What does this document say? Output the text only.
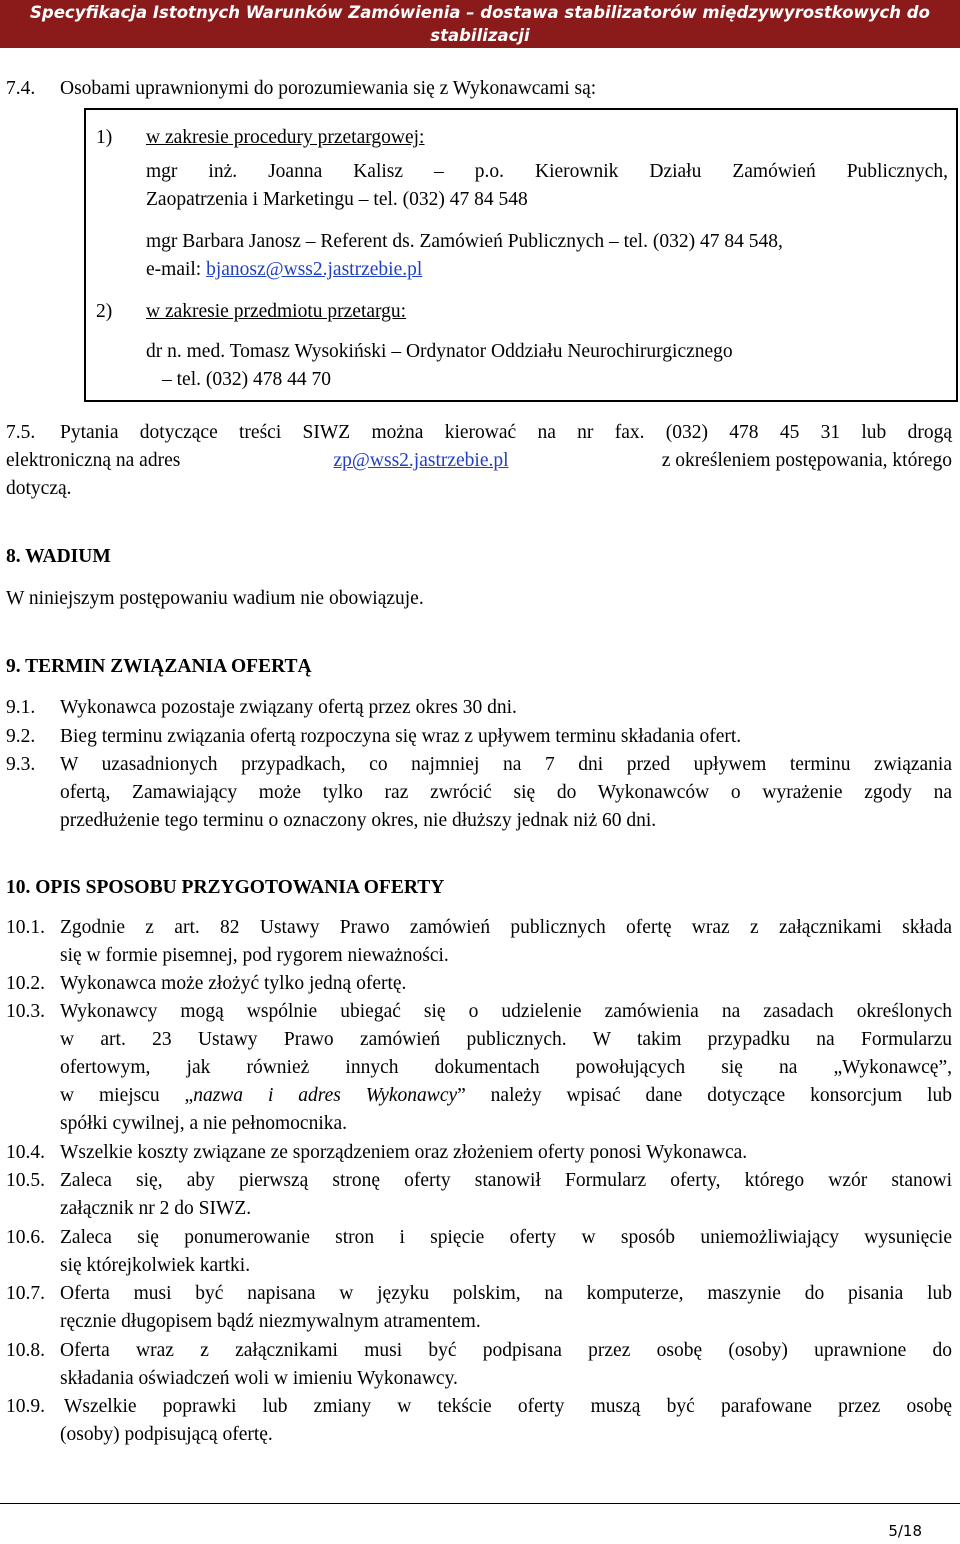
Specyfikacja Istotnych Warunków Zamówienia – dostawa stabilizatorów międzywyrostkowych do stabilizacji
wyrostków kolczystych odcinka lędźwiowego kręgosłupa – do 137.000 EURO
7.4. Osobami uprawnionymi do porozumiewania się z Wykonawcami są:
1) w zakresie procedury przetargowej:
mgr inż. Joanna Kalisz – p.o. Kierownik Działu Zamówień Publicznych,
Zaopatrzenia i Marketingu – tel. (032) 47 84 548
mgr Barbara Janosz – Referent ds. Zamówień Publicznych – tel. (032) 47 84 548,
e-mail: bjanosz@wss2.jastrzebie.pl
2) w zakresie przedmiotu przetargu:
dr n. med. Tomasz Wysokiński – Ordynator Oddziału Neurochirurgicznego
– tel. (032) 478 44 70
7.5. Pytania dotyczące treści SIWZ można kierować na nr fax. (032) 478 45 31 lub drogą
elektroniczną na adres	zp@wss2.jastrzebie.pl	z określeniem postępowania, którego
dotyczą.
8. WADIUM
W niniejszym postępowaniu wadium nie obowiązuje.
9. TERMIN ZWIĄZANIA OFERTĄ
9.1. Wykonawca pozostaje związany ofertą przez okres 30 dni.
9.2. Bieg terminu związania ofertą rozpoczyna się wraz z upływem terminu składania ofert.
9.3. W uzasadnionych przypadkach, co najmniej na 7 dni przed upływem terminu związania
ofertą, Zamawiający może tylko raz zwrócić się do Wykonawców o wyrażenie zgody na
przedłużenie tego terminu o oznaczony okres, nie dłuższy jednak niż 60 dni.
10. OPIS SPOSOBU PRZYGOTOWANIA OFERTY
10.1. Zgodnie z art. 82 Ustawy Prawo zamówień publicznych ofertę wraz z załącznikami składa
się w formie pisemnej, pod rygorem nieważności.
10.2. Wykonawca może złożyć tylko jedną ofertę.
10.3. Wykonawcy mogą wspólnie ubiegać się o udzielenie zamówienia na zasadach określonych
w art. 23 Ustawy Prawo zamówień publicznych. W takim przypadku na Formularzu
ofertowym, jak również innych dokumentach powołujących się na „Wykonawcę”,
w miejscu „nazwa i adres Wykonawcy” należy wpisać dane dotyczące konsorcjum lub
spółki cywilnej, a nie pełnomocnika.
10.4. Wszelkie koszty związane ze sporządzeniem oraz złożeniem oferty ponosi Wykonawca.
10.5. Zaleca się, aby pierwszą stronę oferty stanowił Formularz oferty, którego wzór stanowi
załącznik nr 2 do SIWZ.
10.6. Zaleca się ponumerowanie stron i spięcie oferty w sposób uniemożliwiający wysunięcie
się którejkolwiek kartki.
10.7. Oferta musi być napisana w języku polskim, na komputerze, maszynie do pisania lub
ręcznie długopisem bądź niezmywalnym atramentem.
10.8. Oferta wraz z załącznikami musi być podpisana przez osobę (osoby) uprawnione do
składania oświadczeń woli w imieniu Wykonawcy.
10.9. Wszelkie poprawki lub zmiany w tekście oferty muszą być parafowane przez osobę
(osoby) podpisującą ofertę.
5/18
